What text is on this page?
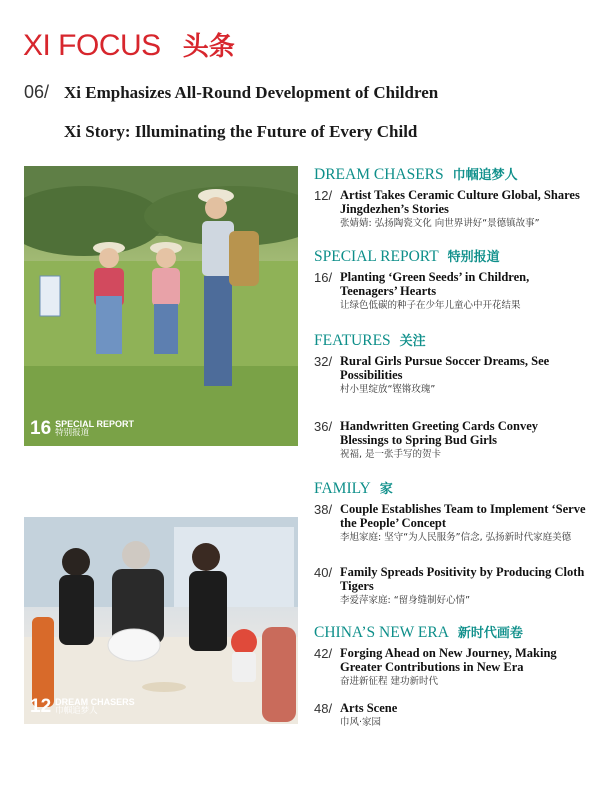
XI FOCUS 头条
06/ Xi Emphasizes All-Round Development of Children
Xi Story: Illuminating the Future of Every Child
16 SPECIAL REPORT
特别报道
12 DREAM CHASERS
巾帼追梦人
DREAM CHASERS 巾帼追梦人
12/ Artist Takes Ceramic Culture Global, Shares Jingdezhen’s Stories
张婧婧: 弘扬陶瓷文化 向世界讲好“景德镇故事”
SPECIAL REPORT 特别报道
16/ Planting ‘Green Seeds’ in Children, Teenagers’ Hearts
让绿色低碳的种子在少年儿童心中开花结果
FEATURES 关注
32/ Rural Girls Pursue Soccer Dreams, See Possibilities
村小里绽放“铿锵玫瑰”
36/ Handwritten Greeting Cards Convey Blessings to Spring Bud Girls
祝福, 是一张手写的贺卡
FAMILY 家
38/ Couple Establishes Team to Implement ‘Serve the People’ Concept
李旭家庭: 坚守“为人民服务”信念, 弘扬新时代家庭美德
40/ Family Spreads Positivity by Producing Cloth Tigers
李爱萍家庭: “留身缝制好心情”
CHINA’S NEW ERA 新时代画卷
42/ Forging Ahead on New Journey, Making Greater Contributions in New Era
奋进新征程 建功新时代
48/ Arts Scene
巾风·家园
